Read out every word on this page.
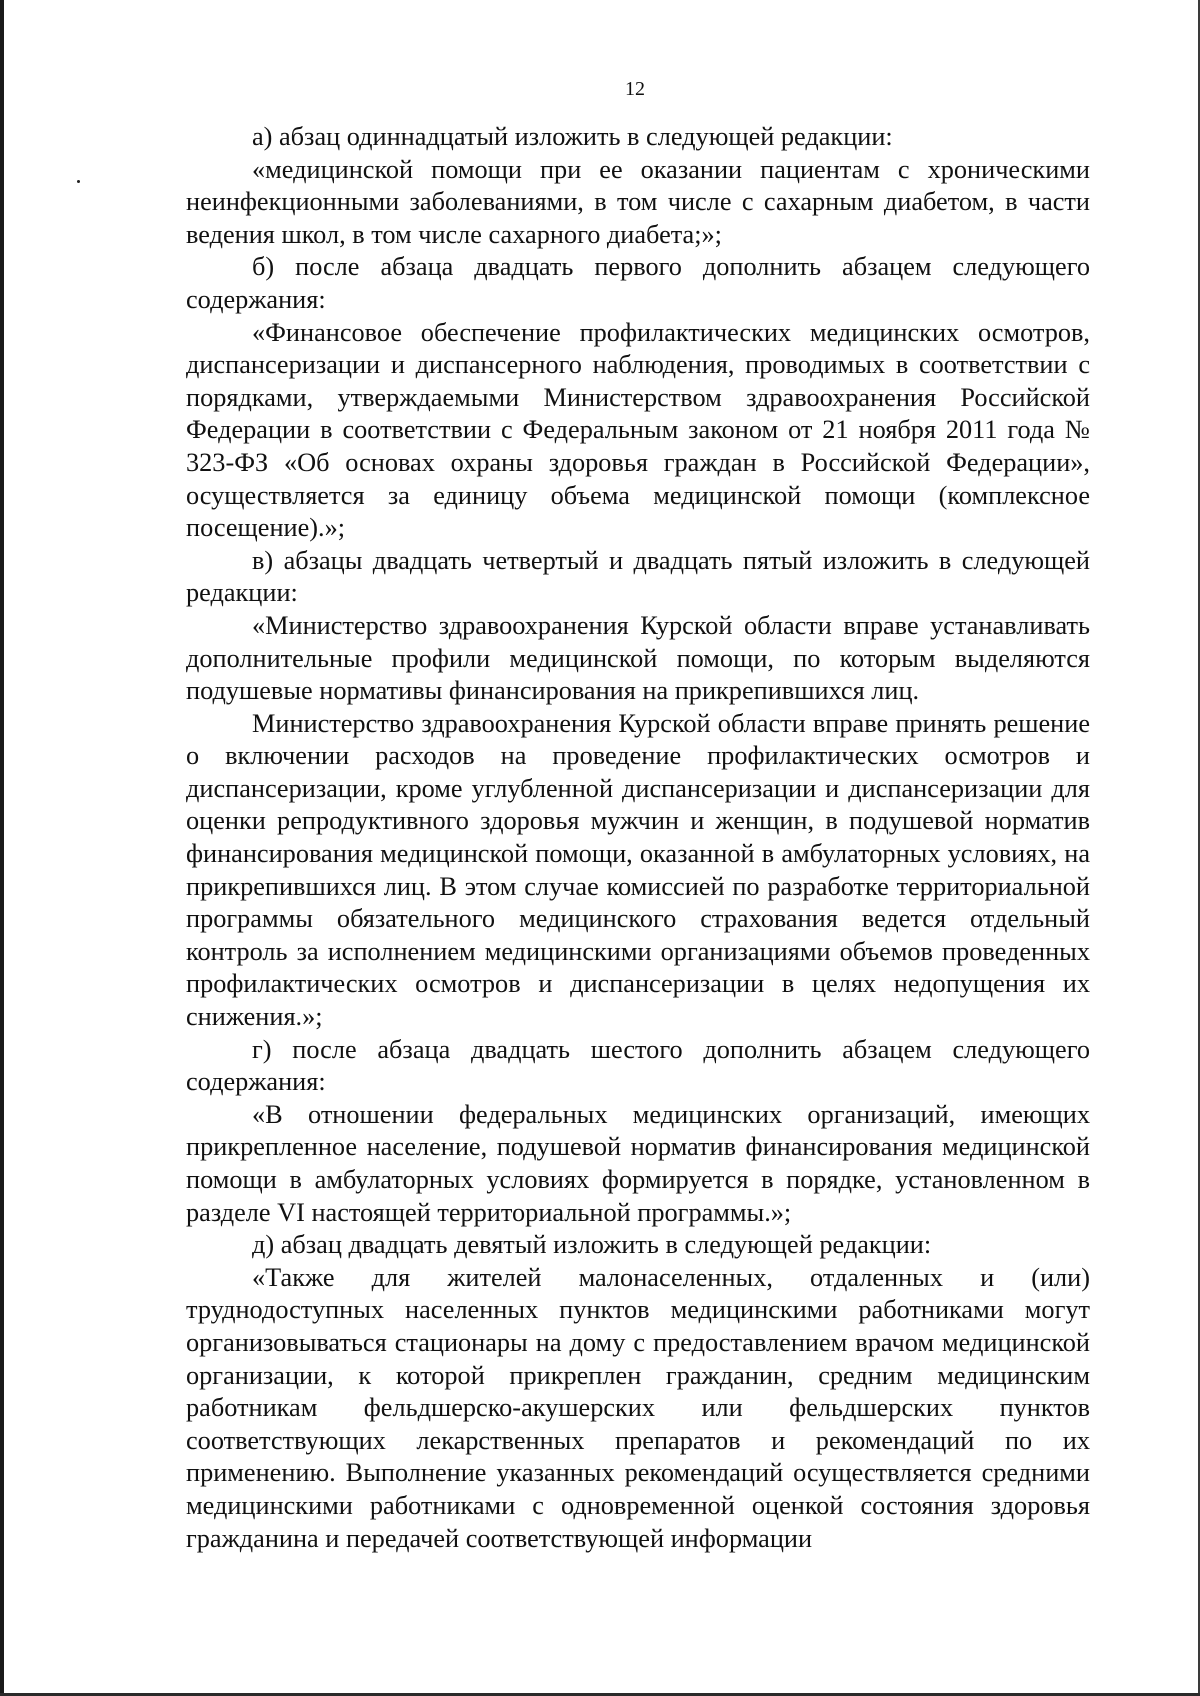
12

а) абзац одиннадцатый изложить в следующей редакции:

«медицинской помощи при ее оказании пациентам с хроническими неинфекционными заболеваниями, в том числе с сахарным диабетом, в части ведения школ, в том числе сахарного диабета;»;

б) после абзаца двадцать первого дополнить абзацем следующего содержания:

«Финансовое обеспечение профилактических медицинских осмотров, диспансеризации и диспансерного наблюдения, проводимых в соответствии с порядками, утверждаемыми Министерством здравоохранения Российской Федерации в соответствии с Федеральным законом от 21 ноября 2011 года № 323-ФЗ «Об основах охраны здоровья граждан в Российской Федерации», осуществляется за единицу объема медицинской помощи (комплексное посещение).»;

в) абзацы двадцать четвертый и двадцать пятый изложить в следующей редакции:

«Министерство здравоохранения Курской области вправе устанавливать дополнительные профили медицинской помощи, по которым выделяются подушевые нормативы финансирования на прикрепившихся лиц.

Министерство здравоохранения Курской области вправе принять решение о включении расходов на проведение профилактических осмотров и диспансеризации, кроме углубленной диспансеризации и диспансеризации для оценки репродуктивного здоровья мужчин и женщин, в подушевой норматив финансирования медицинской помощи, оказанной в амбулаторных условиях, на прикрепившихся лиц. В этом случае комиссией по разработке территориальной программы обязательного медицинского страхования ведется отдельный контроль за исполнением медицинскими организациями объемов проведенных профилактических осмотров и диспансеризации в целях недопущения их снижения.»;

г) после абзаца двадцать шестого дополнить абзацем следующего содержания:

«В отношении федеральных медицинских организаций, имеющих прикрепленное население, подушевой норматив финансирования медицинской помощи в амбулаторных условиях формируется в порядке, установленном в разделе VI настоящей территориальной программы.»;

д) абзац двадцать девятый изложить в следующей редакции:

«Также для жителей малонаселенных, отдаленных и (или) труднодоступных населенных пунктов медицинскими работниками могут организовываться стационары на дому с предоставлением врачом медицинской организации, к которой прикреплен гражданин, средним медицинским работникам фельдшерско-акушерских или фельдшерских пунктов соответствующих лекарственных препаратов и рекомендаций по их применению. Выполнение указанных рекомендаций осуществляется средними медицинскими работниками с одновременной оценкой состояния здоровья гражданина и передачей соответствующей информации
